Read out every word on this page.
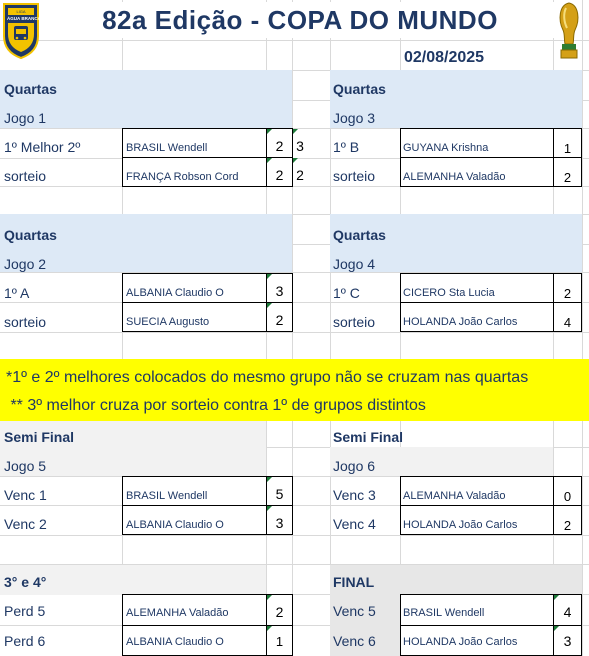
ÁGUA BRANCA
LIGA	82a Edição - COPA DO MUNDO
02/08/2025
Quartas
Jogo 1
1º Melhor 2º	BRASIL Wendell	2 3
sorteio	FRANÇA Robson Cord	2 2
Quartas
Jogo 3
1º B	GUYANA Krishna	1
sorteio	ALEMANHA Valadão	2
Quartas
Jogo 2
1º A	ALBANIA Claudio O	3
sorteio	SUECIA Augusto	2
Quartas
Jogo 4
1º C	CICERO Sta Lucia	2
sorteio	HOLANDA João Carlos	4
*1º e 2º melhores colocados do mesmo grupo não se cruzam nas quartas
** 3º melhor cruza por sorteio contra 1º de grupos distintos
Semi Final
Jogo 5
Venc 1	BRASIL Wendell	5
Venc 2	ALBANIA Claudio O	3
Semi Final
Jogo 6
Venc 3 ALEMANHA Valadão	0
Venc 4 HOLANDA João Carlos	2
3° e 4°
Perd 5	ALEMANHA Valadão	2
Perd 6	ALBANIA Claudio O	1
FINAL
Venc 5 BRASIL Wendell	4
Venc 6 HOLANDA João Carlos	3
